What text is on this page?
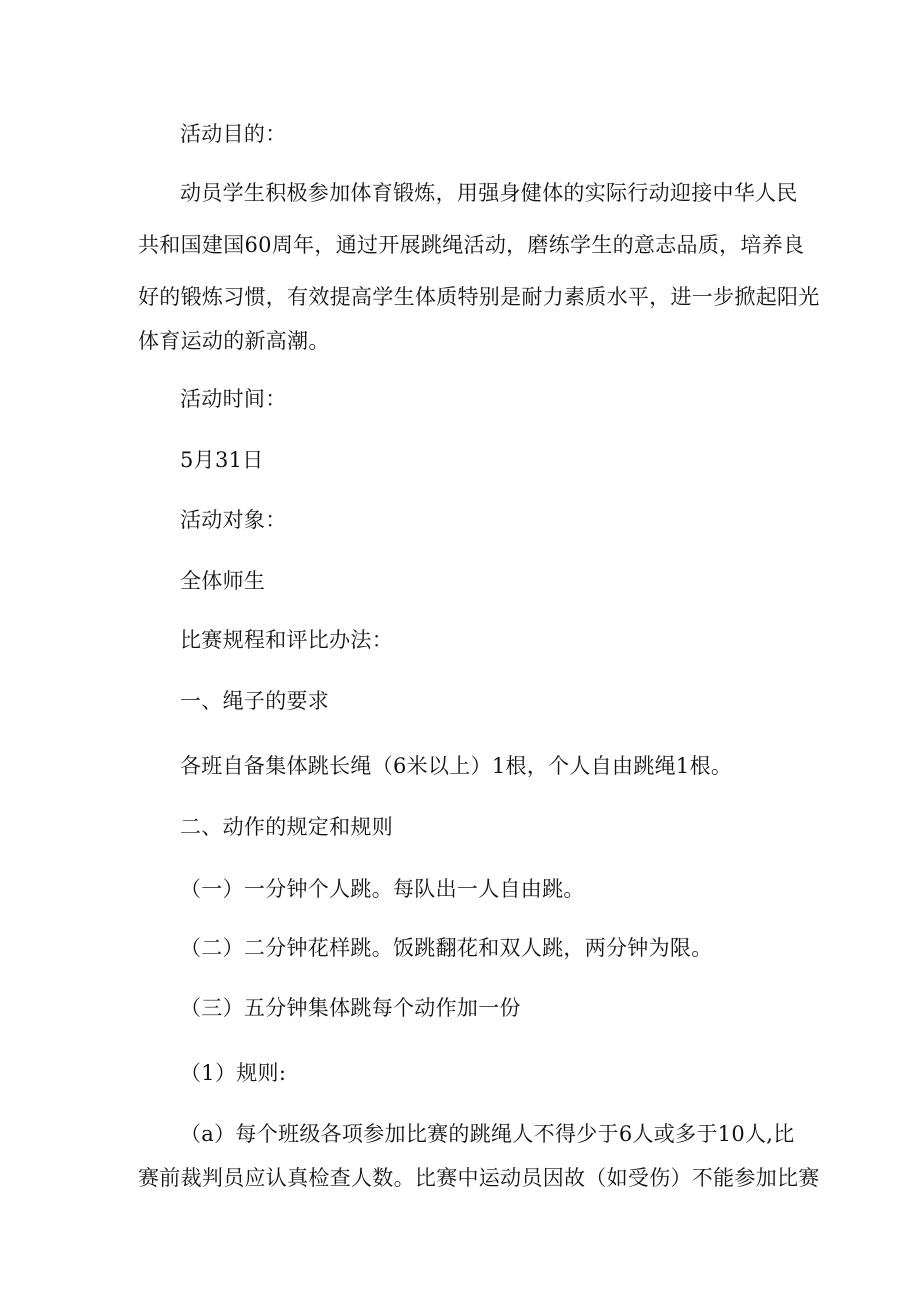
活动目的：
动员学生积极参加体育锻炼，用强身健体的实际行动迎接中华人民
共和国建国60周年，通过开展跳绳活动，磨练学生的意志品质，培养良
好的锻炼习惯，有效提高学生体质特别是耐力素质水平，进一步掀起阳光
体育运动的新高潮。
活动时间：
5月31日
活动对象：
全体师生
比赛规程和评比办法：
一、绳子的要求
各班自备集体跳长绳（6米以上）1根，个人自由跳绳1根。
二、动作的规定和规则
（一）一分钟个人跳。每队出一人自由跳。
（二）二分钟花样跳。饭跳翻花和双人跳，两分钟为限。
（三）五分钟集体跳每个动作加一份
（1）规则:
（a）每个班级各项参加比赛的跳绳人不得少于6人或多于10人,比
赛前裁判员应认真检查人数。比赛中运动员因故（如受伤）不能参加比赛
